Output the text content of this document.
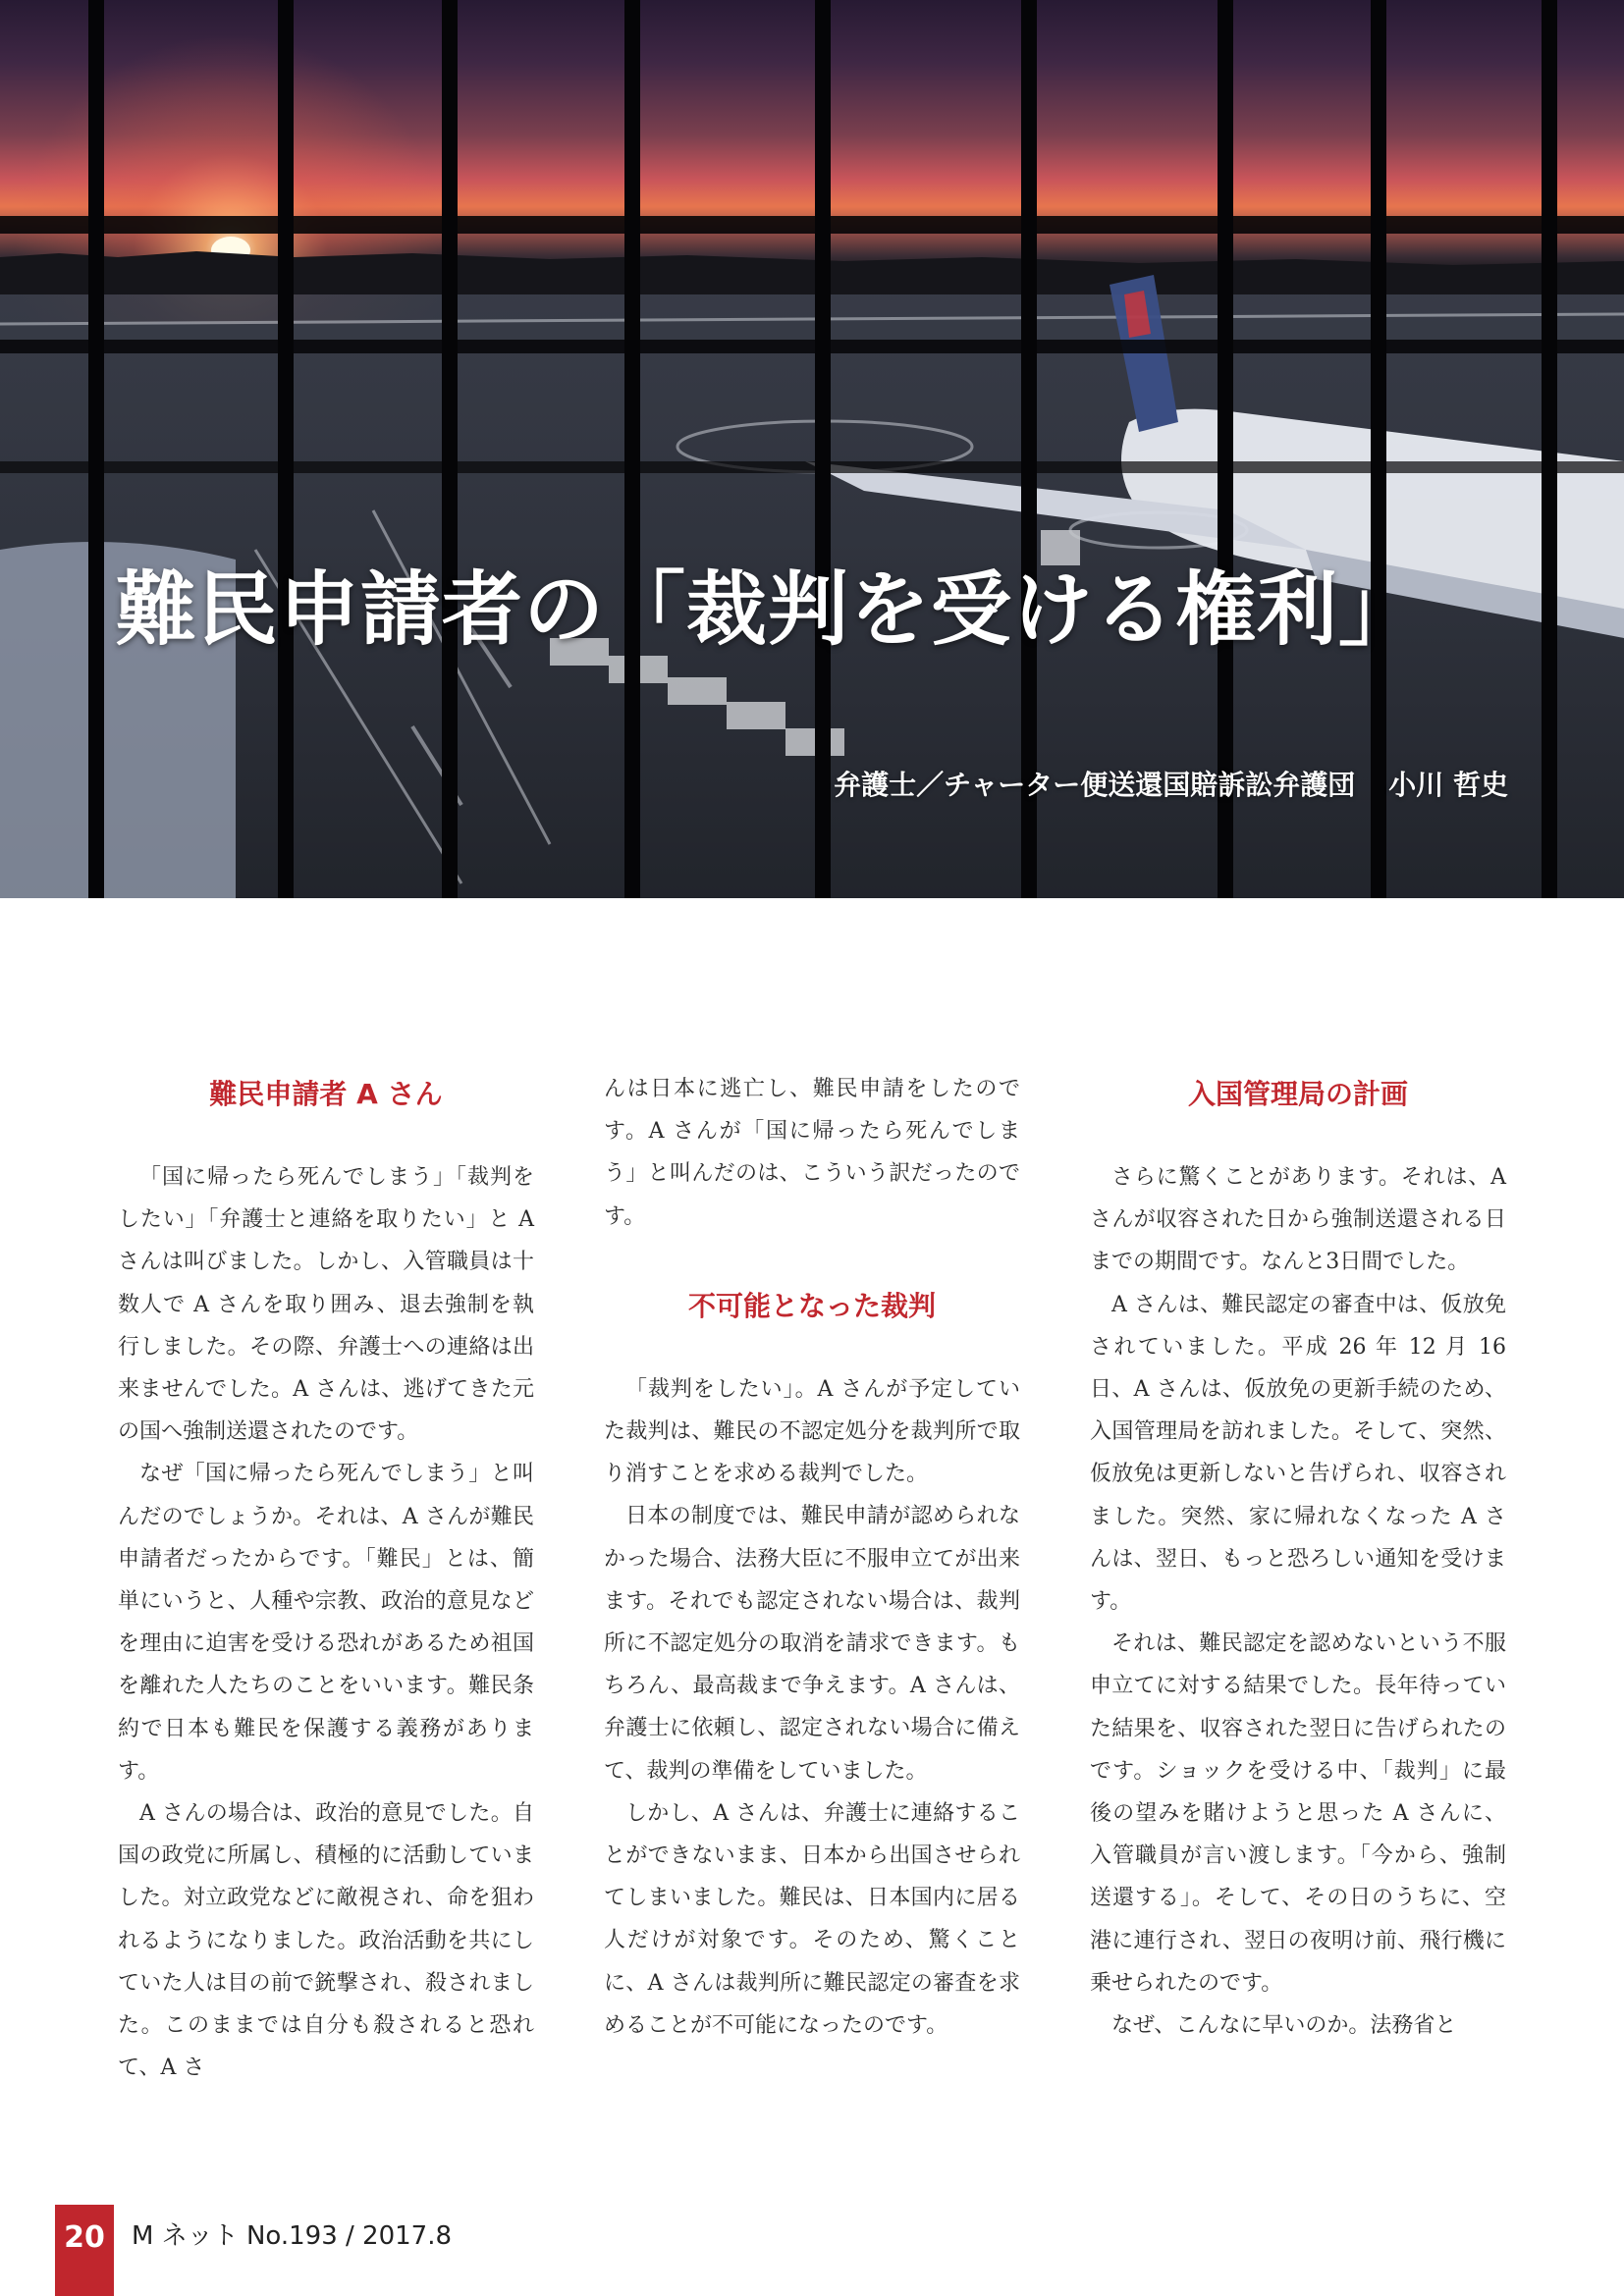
難民申請者の「裁判を受ける権利」
弁護士／チャーター便送還国賠訴訟弁護団 小川 哲史
難民申請者 A さん

「国に帰ったら死んでしまう」「裁判をしたい」「弁護士と連絡を取りたい」と A さんは叫びました。しかし、入管職員は十数人で A さんを取り囲み、退去強制を執行しました。その際、弁護士への連絡は出来ませんでした。A さんは、逃げてきた元の国へ強制送還されたのです。

なぜ「国に帰ったら死んでしまう」と叫んだのでしょうか。それは、A さんが難民申請者だったからです。「難民」とは、簡単にいうと、人種や宗教、政治的意見などを理由に迫害を受ける恐れがあるため祖国を離れた人たちのことをいいます。難民条約で日本も難民を保護する義務があります。

A さんの場合は、政治的意見でした。自国の政党に所属し、積極的に活動していました。対立政党などに敵視され、命を狙われるようになりました。政治活動を共にしていた人は目の前で銃撃され、殺されました。このままでは自分も殺されると恐れて、A さ

んは日本に逃亡し、難民申請をしたのです。A さんが「国に帰ったら死んでしまう」と叫んだのは、こういう訳だったのです。

不可能となった裁判

「裁判をしたい」。A さんが予定していた裁判は、難民の不認定処分を裁判所で取り消すことを求める裁判でした。

日本の制度では、難民申請が認められなかった場合、法務大臣に不服申立てが出来ます。それでも認定されない場合は、裁判所に不認定処分の取消を請求できます。もちろん、最高裁まで争えます。A さんは、弁護士に依頼し、認定されない場合に備えて、裁判の準備をしていました。

しかし、A さんは、弁護士に連絡することができないまま、日本から出国させられてしまいました。難民は、日本国内に居る人だけが対象です。そのため、驚くことに、A さんは裁判所に難民認定の審査を求めることが不可能になったのです。

入国管理局の計画

さらに驚くことがあります。それは、A さんが収容された日から強制送還される日までの期間です。なんと3日間でした。

A さんは、難民認定の審査中は、仮放免されていました。平成 26 年 12 月 16 日、A さんは、仮放免の更新手続のため、入国管理局を訪れました。そして、突然、仮放免は更新しないと告げられ、収容されました。突然、家に帰れなくなった A さんは、翌日、もっと恐ろしい通知を受けます。

それは、難民認定を認めないという不服申立てに対する結果でした。長年待っていた結果を、収容された翌日に告げられたのです。ショックを受ける中、「裁判」に最後の望みを賭けようと思った A さんに、入管職員が言い渡します。「今から、強制送還する」。そして、その日のうちに、空港に連行され、翌日の夜明け前、飛行機に乗せられたのです。

なぜ、こんなに早いのか。法務省と

20	M ネット No.193 / 2017.8
